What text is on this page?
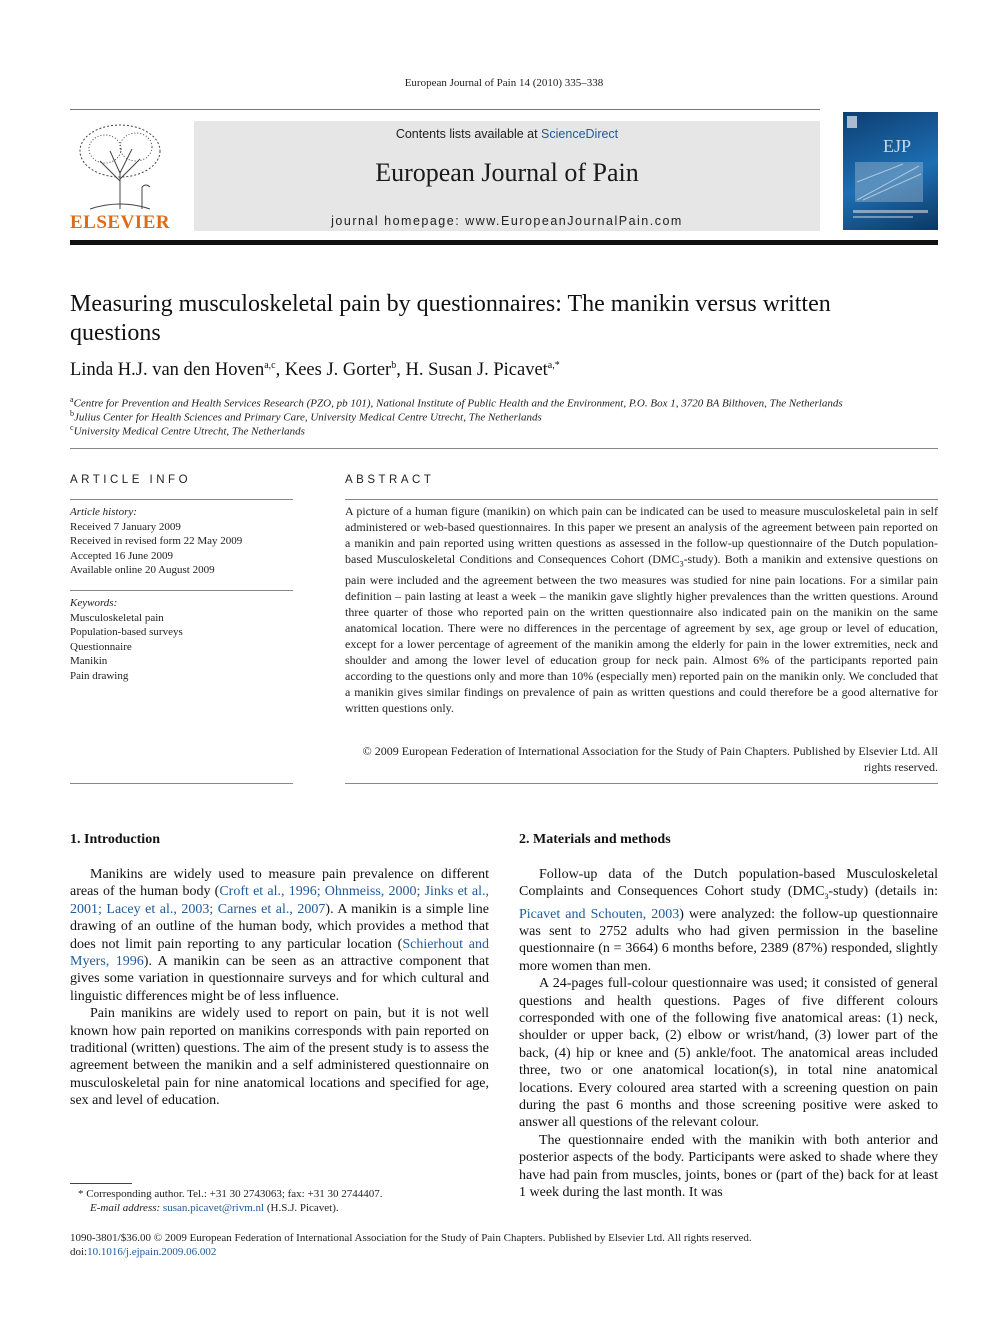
European Journal of Pain 14 (2010) 335–338
ELSEVIER
Contents lists available at ScienceDirect
European Journal of Pain
journal homepage: www.EuropeanJournalPain.com
EJP
Measuring musculoskeletal pain by questionnaires: The manikin versus written questions
Linda H.J. van den Hoven$^{a,c}$, Kees J. Gorter$^b$, H. Susan J. Picavet$^{a,*}$
$^a$Centre for Prevention and Health Services Research (PZO, pb 101), National Institute of Public Health and the Environment, P.O. Box 1, 3720 BA Bilthoven, The Netherlands
$^b$Julius Center for Health Sciences and Primary Care, University Medical Centre Utrecht, The Netherlands
$^c$University Medical Centre Utrecht, The Netherlands
ARTICLE INFO
Article history:
Received 7 January 2009
Received in revised form 22 May 2009
Accepted 16 June 2009
Available online 20 August 2009
Keywords:
Musculoskeletal pain
Population-based surveys
Questionnaire
Manikin
Pain drawing
ABSTRACT
A picture of a human figure (manikin) on which pain can be indicated can be used to measure musculoskeletal pain in self administered or web-based questionnaires. In this paper we present an analysis of the agreement between pain reported on a manikin and pain reported using written questions as assessed in the follow-up questionnaire of the Dutch population-based Musculoskeletal Conditions and Consequences Cohort $(DMC_3-study)$. Both a manikin and extensive questions on pain were included and the agreement between the two measures was studied for nine pain locations. For a similar pain definition – pain lasting at least a week – the manikin gave slightly higher prevalences than the written questions. Around three quarter of those who reported pain on the written questionnaire also indicated pain on the manikin on the same anatomical location. There were no differences in the percentage of agreement by sex, age group or level of education, except for a lower percentage of agreement of the manikin among the elderly for pain in the lower extremities, neck and shoulder and among the lower level of education group for neck pain. Almost 6% of the participants reported pain according to the questions only and more than 10% (especially men) reported pain on the manikin only. We concluded that a manikin gives similar findings on prevalence of pain as written questions and could therefore be a good alternative for written questions only.
© 2009 European Federation of International Association for the Study of Pain Chapters. Published by Elsevier Ltd. All rights reserved.
1. Introduction

Manikins are widely used to measure pain prevalence on different areas of the human body (Croft et al., 1996; Ohnmeiss, 2000; Jinks et al., 2001; Lacey et al., 2003; Carnes et al., 2007). A manikin is a simple line drawing of an outline of the human body, which provides a method that does not limit pain reporting to any particular location (Schierhout and Myers, 1996). A manikin can be seen as an attractive component that gives some variation in questionnaire surveys and for which cultural and linguistic differences might be of less influence.

Pain manikins are widely used to report on pain, but it is not well known how pain reported on manikins corresponds with pain reported on traditional (written) questions. The aim of the present study is to assess the agreement between the manikin and a self administered questionnaire on musculoskeletal pain for nine anatomical locations and specified for age, sex and level of education.

2. Materials and methods

Follow-up data of the Dutch population-based Musculoskeletal Complaints and Consequences Cohort study $(DMC_3-study)$ (details in: Picavet and Schouten, 2003) were analyzed: the follow-up questionnaire was sent to 2752 adults who had given permission in the baseline questionnaire (n = 3664) 6 months before, 2389 (87%) responded, slightly more women than men.

A 24-pages full-colour questionnaire was used; it consisted of general questions and health questions. Pages of five different colours corresponded with one of the following five anatomical areas: (1) neck, shoulder or upper back, (2) elbow or wrist/hand, (3) lower part of the back, (4) hip or knee and (5) ankle/foot. The anatomical areas included three, two or one anatomical location(s), in total nine anatomical locations. Every coloured area started with a screening question on pain during the past 6 months and those screening positive were asked to answer all questions of the relevant colour.

The questionnaire ended with the manikin with both anterior and posterior aspects of the body. Participants were asked to shade where they have had pain from muscles, joints, bones or (part of the) back for at least 1 week during the last month. It was

* Corresponding author. Tel.: +31 30 2743063; fax: +31 30 2744407.
E-mail address: susan.picavet@rivm.nl (H.S.J. Picavet).
1090-3801/$36.00 © 2009 European Federation of International Association for the Study of Pain Chapters. Published by Elsevier Ltd. All rights reserved.
doi:10.1016/j.ejpain.2009.06.002
